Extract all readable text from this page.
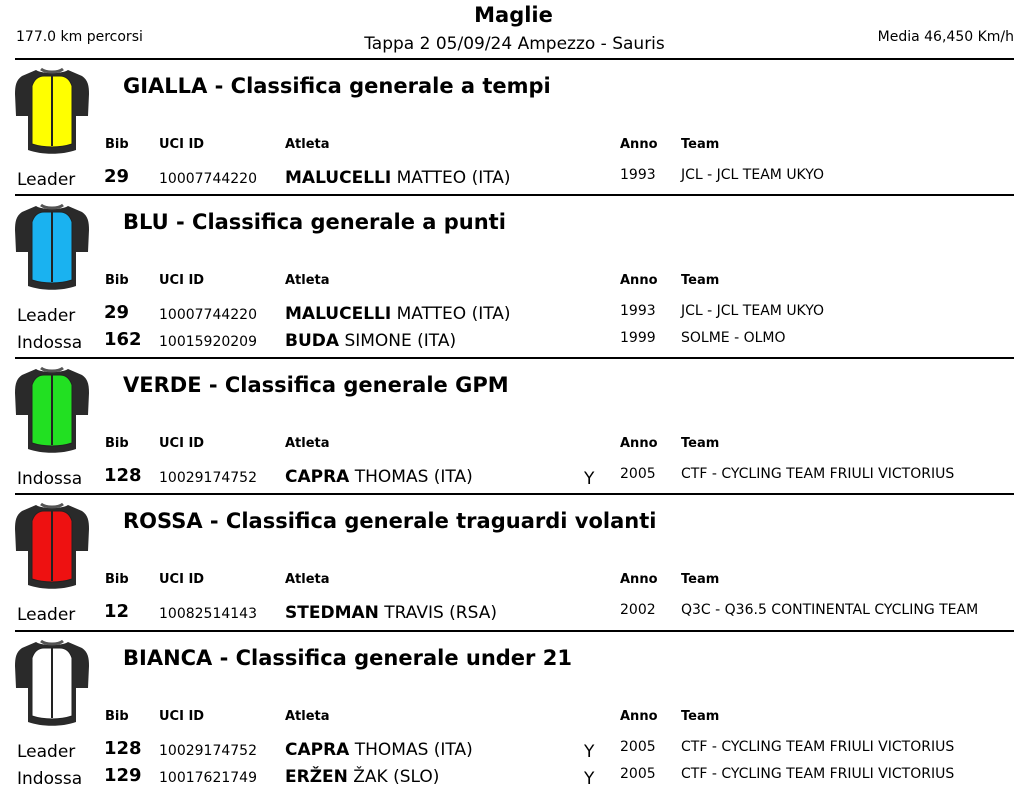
Maglie
Tappa 2 05/09/24 Ampezzo - Sauris
177.0 km percorsi	Media 46,450 Km/h
GIALLA - Classifica generale a tempi
Bib UCI ID	Atleta	Anno Team
Leader 29 10007744220 MALUCELLI MATTEO (ITA)	1993 JCL - JCL TEAM UKYO
BLU - Classifica generale a punti
Bib UCI ID	Atleta	Anno Team
Leader 29 10007744220 MALUCELLI MATTEO (ITA)	1993 JCL - JCL TEAM UKYO
Indossa 162 10015920209 BUDA SIMONE (ITA)	1999 SOLME - OLMO
VERDE - Classifica generale GPM
Bib UCI ID	Atleta	Anno Team
Indossa 128 10029174752 CAPRA THOMAS (ITA)	Y 2005 CTF - CYCLING TEAM FRIULI VICTORIUS
ROSSA - Classifica generale traguardi volanti
Bib UCI ID	Atleta	Anno Team
Leader 12 10082514143 STEDMAN TRAVIS (RSA)	2002 Q3C - Q36.5 CONTINENTAL CYCLING TEAM
BIANCA - Classifica generale under 21
Bib UCI ID	Atleta	Anno Team
Leader 128 10029174752 CAPRA THOMAS (ITA)	Y 2005 CTF - CYCLING TEAM FRIULI VICTORIUS
Indossa 129 10017621749 ERŽEN ŽAK (SLO)	Y 2005 CTF - CYCLING TEAM FRIULI VICTORIUS
